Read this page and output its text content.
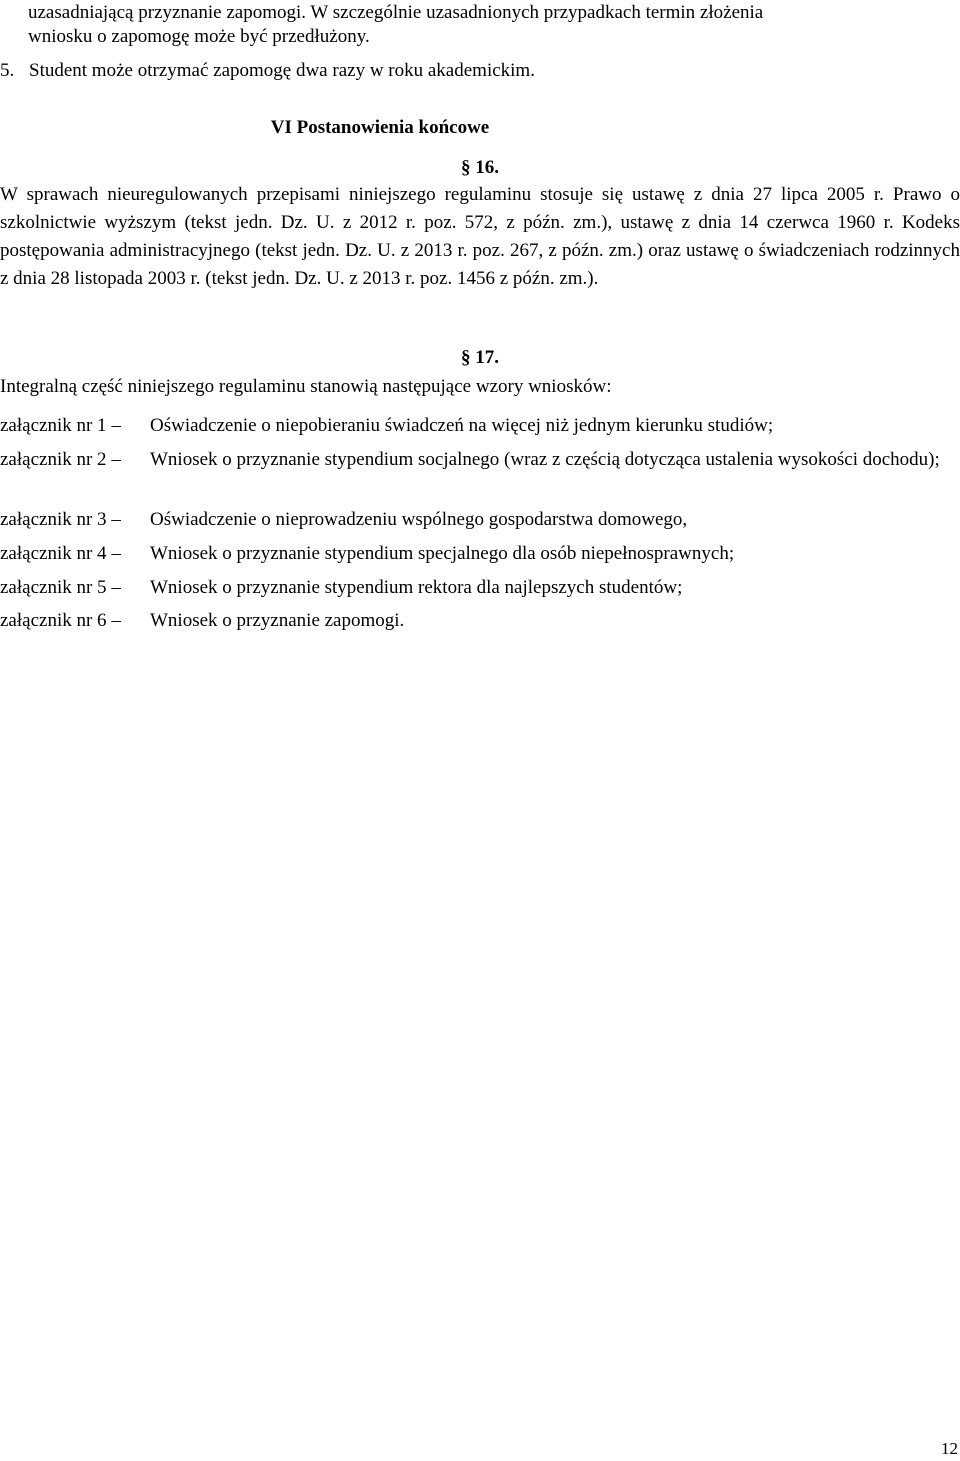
uzasadniającą przyznanie zapomogi. W szczególnie uzasadnionych przypadkach termin złożenia

wniosku o zapomogę może być przedłużony.

5. Student może otrzymać zapomogę dwa razy w roku akademickim.

VI Postanowienia końcowe

§ 16.

W sprawach nieuregulowanych przepisami niniejszego regulaminu stosuje się ustawę z dnia 27 lipca 2005 r. Prawo o szkolnictwie wyższym (tekst jedn. Dz. U. z 2012 r. poz. 572, z późn. zm.), ustawę z dnia 14 czerwca 1960 r. Kodeks postępowania administracyjnego (tekst jedn. Dz. U. z 2013 r. poz. 267, z późn. zm.) oraz ustawę o świadczeniach rodzinnych z dnia 28 listopada 2003 r. (tekst jedn. Dz. U. z 2013 r. poz. 1456 z późn. zm.).

§ 17.

Integralną część niniejszego regulaminu stanowią następujące wzory wniosków:

załącznik nr 1 –	Oświadczenie o niepobieraniu świadczeń na więcej niż jednym kierunku studiów;
załącznik nr 2 –	Wniosek o przyznanie stypendium socjalnego (wraz z częścią dotycząca ustalenia wysokości dochodu);
załącznik nr 3 –	Oświadczenie o nieprowadzeniu wspólnego gospodarstwa domowego,
załącznik nr 4 –	Wniosek o przyznanie stypendium specjalnego dla osób niepełnosprawnych;
załącznik nr 5 –	Wniosek o przyznanie stypendium rektora dla najlepszych studentów;
załącznik nr 6 –	Wniosek o przyznanie zapomogi.
12
